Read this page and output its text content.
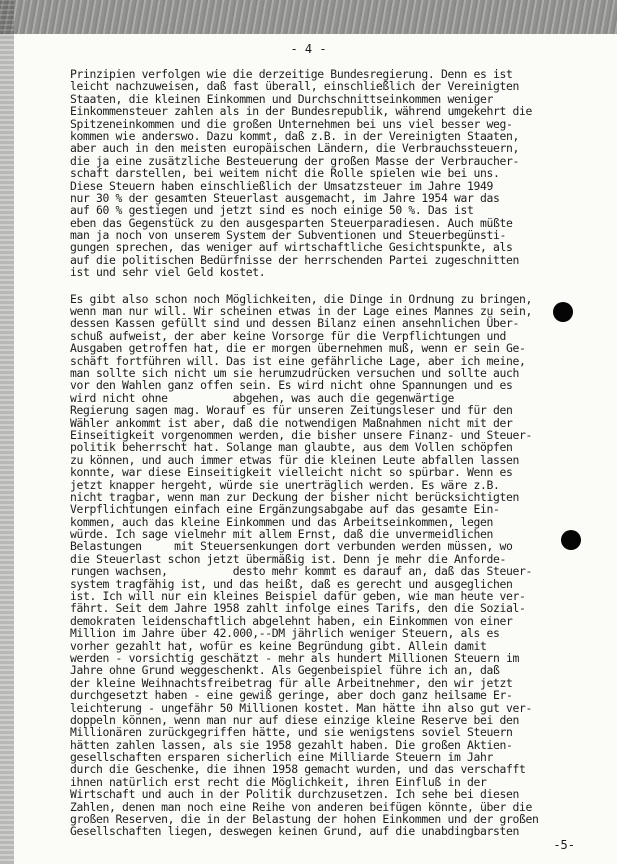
- 4 -
Prinzipien verfolgen wie die derzeitige Bundesregierung. Denn es ist
leicht nachzuweisen, daß fast überall, einschließlich der Vereinigten
Staaten, die kleinen Einkommen und Durchschnittseinkommen weniger
Einkommensteuer zahlen als in der Bundesrepublik, während umgekehrt die
Spitzeneinkommen und die großen Unternehmen bei uns viel besser weg-
kommen wie anderswo. Dazu kommt, daß z.B. in der Vereinigten Staaten,
aber auch in den meisten europäischen Ländern, die Verbrauchssteuern,
die ja eine zusätzliche Besteuerung der großen Masse der Verbraucher-
schaft darstellen, bei weitem nicht die Rolle spielen wie bei uns.
Diese Steuern haben einschließlich der Umsatzsteuer im Jahre 1949
nur 30 % der gesamten Steuerlast ausgemacht, im Jahre 1954 war das
auf 60 % gestiegen und jetzt sind es noch einige 50 %. Das ist
eben das Gegenstück zu den ausgesparten Steuerparadiesen. Auch müßte
man ja noch von unserem System der Subventionen und Steuerbegünsti-
gungen sprechen, das weniger auf wirtschaftliche Gesichtspunkte, als
auf die politischen Bedürfnisse der herrschenden Partei zugeschnitten
ist und sehr viel Geld kostet.
Es gibt also schon noch Möglichkeiten, die Dinge in Ordnung zu bringen,
wenn man nur will. Wir scheinen etwas in der Lage eines Mannes zu sein,
dessen Kassen gefüllt sind und dessen Bilanz einen ansehnlichen Über-
schuß aufweist, der aber keine Vorsorge für die Verpflichtungen und
Ausgaben getroffen hat, die er morgen übernehmen muß, wenn er sein Ge-
schäft fortführen will. Das ist eine gefährliche Lage, aber ich meine,
man sollte sich nicht um sie herumzudrücken versuchen und sollte auch
vor den Wahlen ganz offen sein. Es wird nicht ohne Spannungen und es
wird nicht ohne          abgehen, was auch die gegenwärtige
Regierung sagen mag. Worauf es für unseren Zeitungsleser und für den
Wähler ankommt ist aber, daß die notwendigen Maßnahmen nicht mit der
Einseitigkeit vorgenommen werden, die bisher unsere Finanz- und Steuer-
politik beherrscht hat. Solange man glaubte, aus dem Vollen schöpfen
zu können, und auch immer etwas für die kleinen Leute abfallen lassen
konnte, war diese Einseitigkeit vielleicht nicht so spürbar. Wenn es
jetzt knapper hergeht, würde sie unerträglich werden. Es wäre z.B.
nicht tragbar, wenn man zur Deckung der bisher nicht berücksichtigten
Verpflichtungen einfach eine Ergänzungsabgabe auf das gesamte Ein-
kommen, auch das kleine Einkommen und das Arbeitseinkommen, legen
würde. Ich sage vielmehr mit allem Ernst, daß die unvermeidlichen
Belastungen     mit Steuersenkungen dort verbunden werden müssen, wo
die Steuerlast schon jetzt übermäßig ist. Denn je mehr die Anforde-
rungen wachsen,          desto mehr kommt es darauf an, daß das Steuer-
system tragfähig ist, und das heißt, daß es gerecht und ausgeglichen
ist. Ich will nur ein kleines Beispiel dafür geben, wie man heute ver-
fährt. Seit dem Jahre 1958 zahlt infolge eines Tarifs, den die Sozial-
demokraten leidenschaftlich abgelehnt haben, ein Einkommen von einer
Million im Jahre über 42.000,--DM jährlich weniger Steuern, als es
vorher gezahlt hat, wofür es keine Begründung gibt. Allein damit
werden - vorsichtig geschätzt - mehr als hundert Millionen Steuern im
Jahre ohne Grund weggeschenkt. Als Gegenbeispiel führe ich an, daß
der kleine Weihnachtsfreibetrag für alle Arbeitnehmer, den wir jetzt
durchgesetzt haben - eine gewiß geringe, aber doch ganz heilsame Er-
leichterung - ungefähr 50 Millionen kostet. Man hätte ihn also gut ver-
doppeln können, wenn man nur auf diese einzige kleine Reserve bei den
Millionären zurückgegriffen hätte, und sie wenigstens soviel Steuern
hätten zahlen lassen, als sie 1958 gezahlt haben. Die großen Aktien-
gesellschaften ersparen sicherlich eine Milliarde Steuern im Jahr
durch die Geschenke, die ihnen 1958 gemacht wurden, und das verschafft
ihnen natürlich erst recht die Möglichkeit, ihren Einfluß in der
Wirtschaft und auch in der Politik durchzusetzen. Ich sehe bei diesen
Zahlen, denen man noch eine Reihe von anderen beifügen könnte, über die
großen Reserven, die in der Belastung der hohen Einkommen und der großen
Gesellschaften liegen, deswegen keinen Grund, auf die unabdingbarsten
-5-
